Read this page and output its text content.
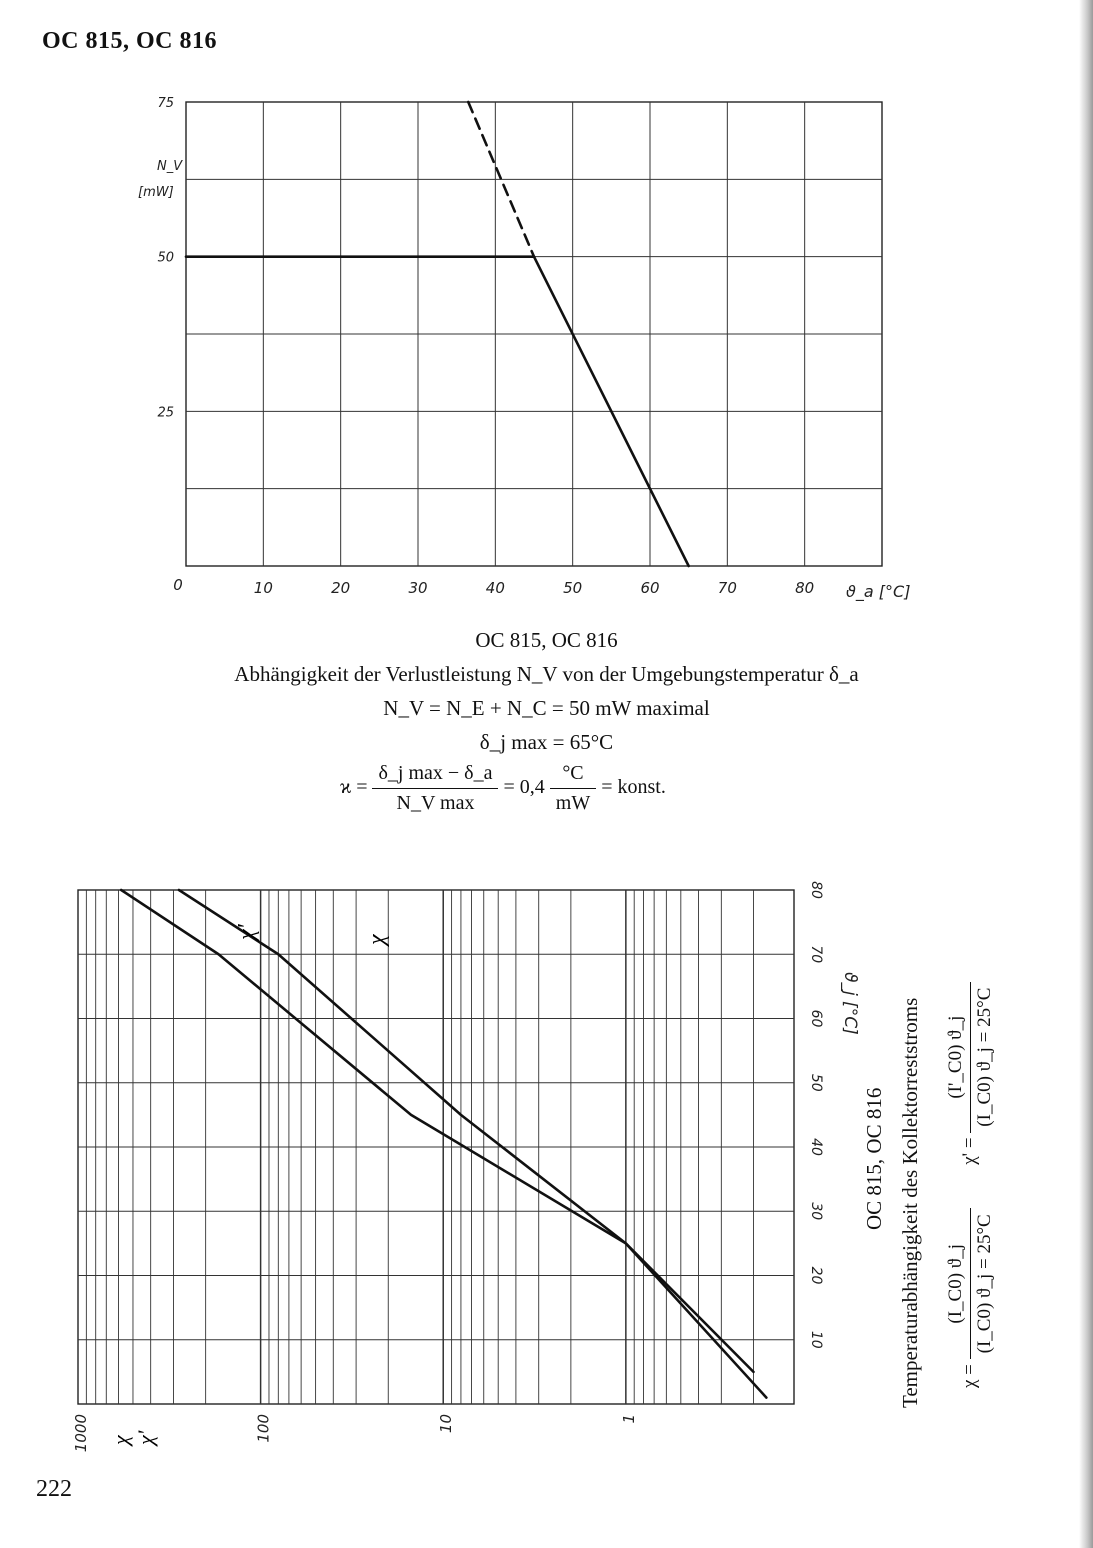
OC 815, OC 816
75
50
25
0	10	20	30	40	50	60	70	80
N_V
[mW]
ϑ_a [°C]
OC 815, OC 816
Abhängigkeit der Verlustleistung N_V von der Umgebungstemperatur δ_a
N_V = N_E + N_C = 50 mW maximal
δ_j max = 65°C
$ϰ = \frac{\text{δ\_j max − δ\_a}}{\text{N\_V max}} = 0,4 \frac{^\circ C}{mW}$ = konst.
10
20
30
40
50
60
70
80
1000	100	10	1
ϑ_j [°C]
χ χ'
χ
χ'
OC 815, OC 816 Temperaturabhängigkeit des Kollektorreststroms	χ =
(I_C0) ϑ_j (I_C0) ϑ_j = 25°C
χ' =
(I'_C0) ϑ_j (I_C0) ϑ_j = 25°C
222
